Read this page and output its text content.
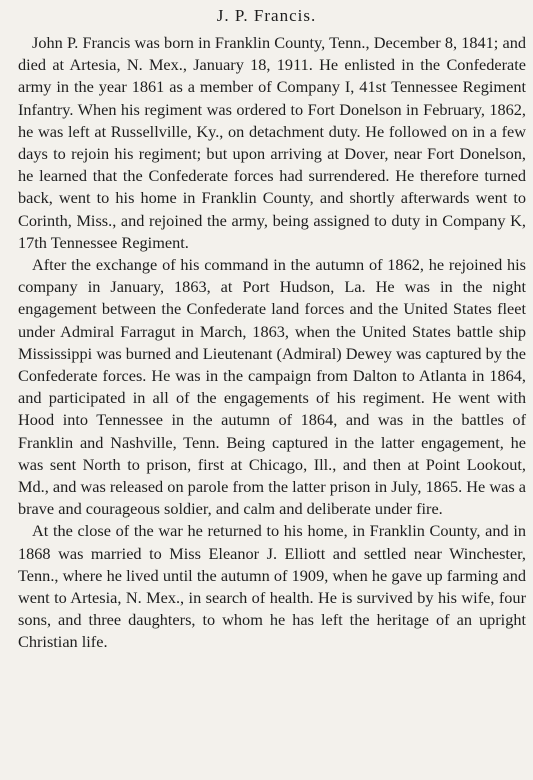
J. P. Francis.

John P. Francis was born in Franklin County, Tenn., December 8, 1841; and died at Artesia, N. Mex., January 18, 1911. He enlisted in the Confederate army in the year 1861 as a member of Company I, 41st Tennessee Regiment Infantry. When his regiment was ordered to Fort Donelson in February, 1862, he was left at Russellville, Ky., on detachment duty. He followed on in a few days to rejoin his regiment; but upon arriving at Dover, near Fort Donelson, he learned that the Confederate forces had surrendered. He therefore turned back, went to his home in Franklin County, and shortly afterwards went to Corinth, Miss., and rejoined the army, being assigned to duty in Company K, 17th Tennessee Regiment.

After the exchange of his command in the autumn of 1862, he rejoined his company in January, 1863, at Port Hudson, La. He was in the night engagement between the Confederate land forces and the United States fleet under Admiral Farragut in March, 1863, when the United States battle ship Mississippi was burned and Lieutenant (Admiral) Dewey was captured by the Confederate forces. He was in the campaign from Dalton to Atlanta in 1864, and participated in all of the engagements of his regiment. He went with Hood into Tennessee in the autumn of 1864, and was in the battles of Franklin and Nashville, Tenn. Being captured in the latter engagement, he was sent North to prison, first at Chicago, Ill., and then at Point Lookout, Md., and was released on parole from the latter prison in July, 1865. He was a brave and courageous soldier, and calm and deliberate under fire.

At the close of the war he returned to his home, in Franklin County, and in 1868 was married to Miss Eleanor J. Elliott and settled near Winchester, Tenn., where he lived until the autumn of 1909, when he gave up farming and went to Artesia, N. Mex., in search of health. He is survived by his wife, four sons, and three daughters, to whom he has left the heritage of an upright Christian life.
